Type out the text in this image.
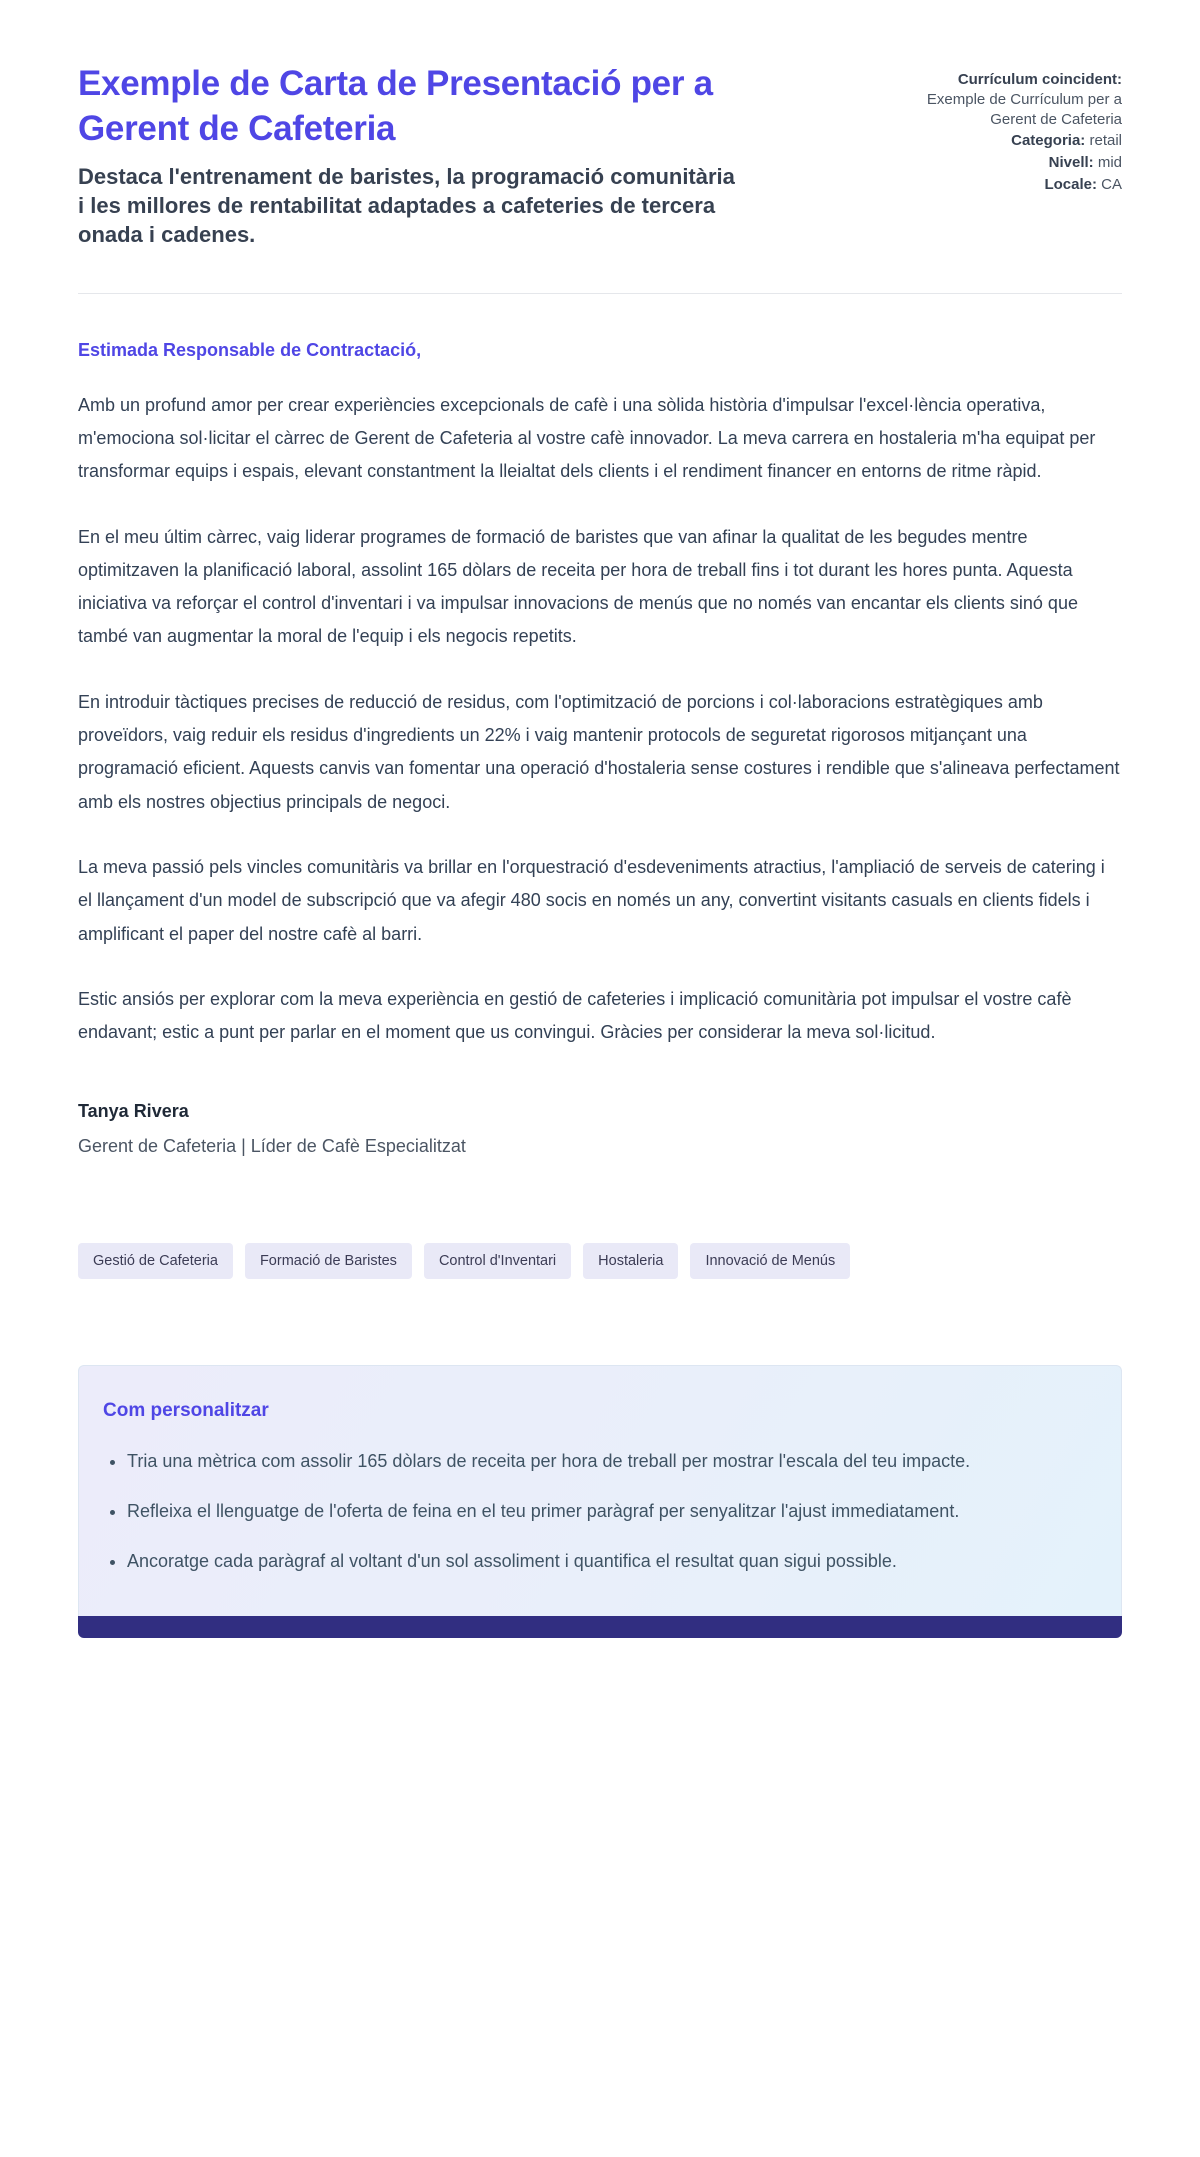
Exemple de Carta de Presentació per a Gerent de Cafeteria

Destaca l'entrenament de baristes, la programació comunitària i les millores de rentabilitat adaptades a cafeteries de tercera onada i cadenes.

Currículum coincident:
Exemple de Currículum per a Gerent de Cafeteria
Categoria: retail
Nivell: mid
Locale: CA

Estimada Responsable de Contractació,

Amb un profund amor per crear experiències excepcionals de cafè i una sòlida història d'impulsar l'excel·lència operativa, m'emociona sol·licitar el càrrec de Gerent de Cafeteria al vostre cafè innovador. La meva carrera en hostaleria m'ha equipat per transformar equips i espais, elevant constantment la lleialtat dels clients i el rendiment financer en entorns de ritme ràpid.

En el meu últim càrrec, vaig liderar programes de formació de baristes que van afinar la qualitat de les begudes mentre optimitzaven la planificació laboral, assolint 165 dòlars de receita per hora de treball fins i tot durant les hores punta. Aquesta iniciativa va reforçar el control d'inventari i va impulsar innovacions de menús que no només van encantar els clients sinó que també van augmentar la moral de l'equip i els negocis repetits.

En introduir tàctiques precises de reducció de residus, com l'optimització de porcions i col·laboracions estratègiques amb proveïdors, vaig reduir els residus d'ingredients un 22% i vaig mantenir protocols de seguretat rigorosos mitjançant una programació eficient. Aquests canvis van fomentar una operació d'hostaleria sense costures i rendible que s'alineava perfectament amb els nostres objectius principals de negoci.

La meva passió pels vincles comunitàris va brillar en l'orquestració d'esdeveniments atractius, l'ampliació de serveis de catering i el llançament d'un model de subscripció que va afegir 480 socis en només un any, convertint visitants casuals en clients fidels i amplificant el paper del nostre cafè al barri.

Estic ansiós per explorar com la meva experiència en gestió de cafeteries i implicació comunitària pot impulsar el vostre cafè endavant; estic a punt per parlar en el moment que us convingui. Gràcies per considerar la meva sol·licitud.

Tanya Rivera

Gerent de Cafeteria | Líder de Cafè Especialitzat

Gestió de Cafeteria	Formació de Baristes	Control d'Inventari	Hostaleria	Innovació de Menús
Com personalitzar
• Tria una mètrica com assolir 165 dòlars de receita per hora de treball per mostrar l'escala del teu impacte.
• Refleixa el llenguatge de l'oferta de feina en el teu primer paràgraf per senyalitzar l'ajust immediatament.
• Ancoratge cada paràgraf al voltant d'un sol assoliment i quantifica el resultat quan sigui possible.
